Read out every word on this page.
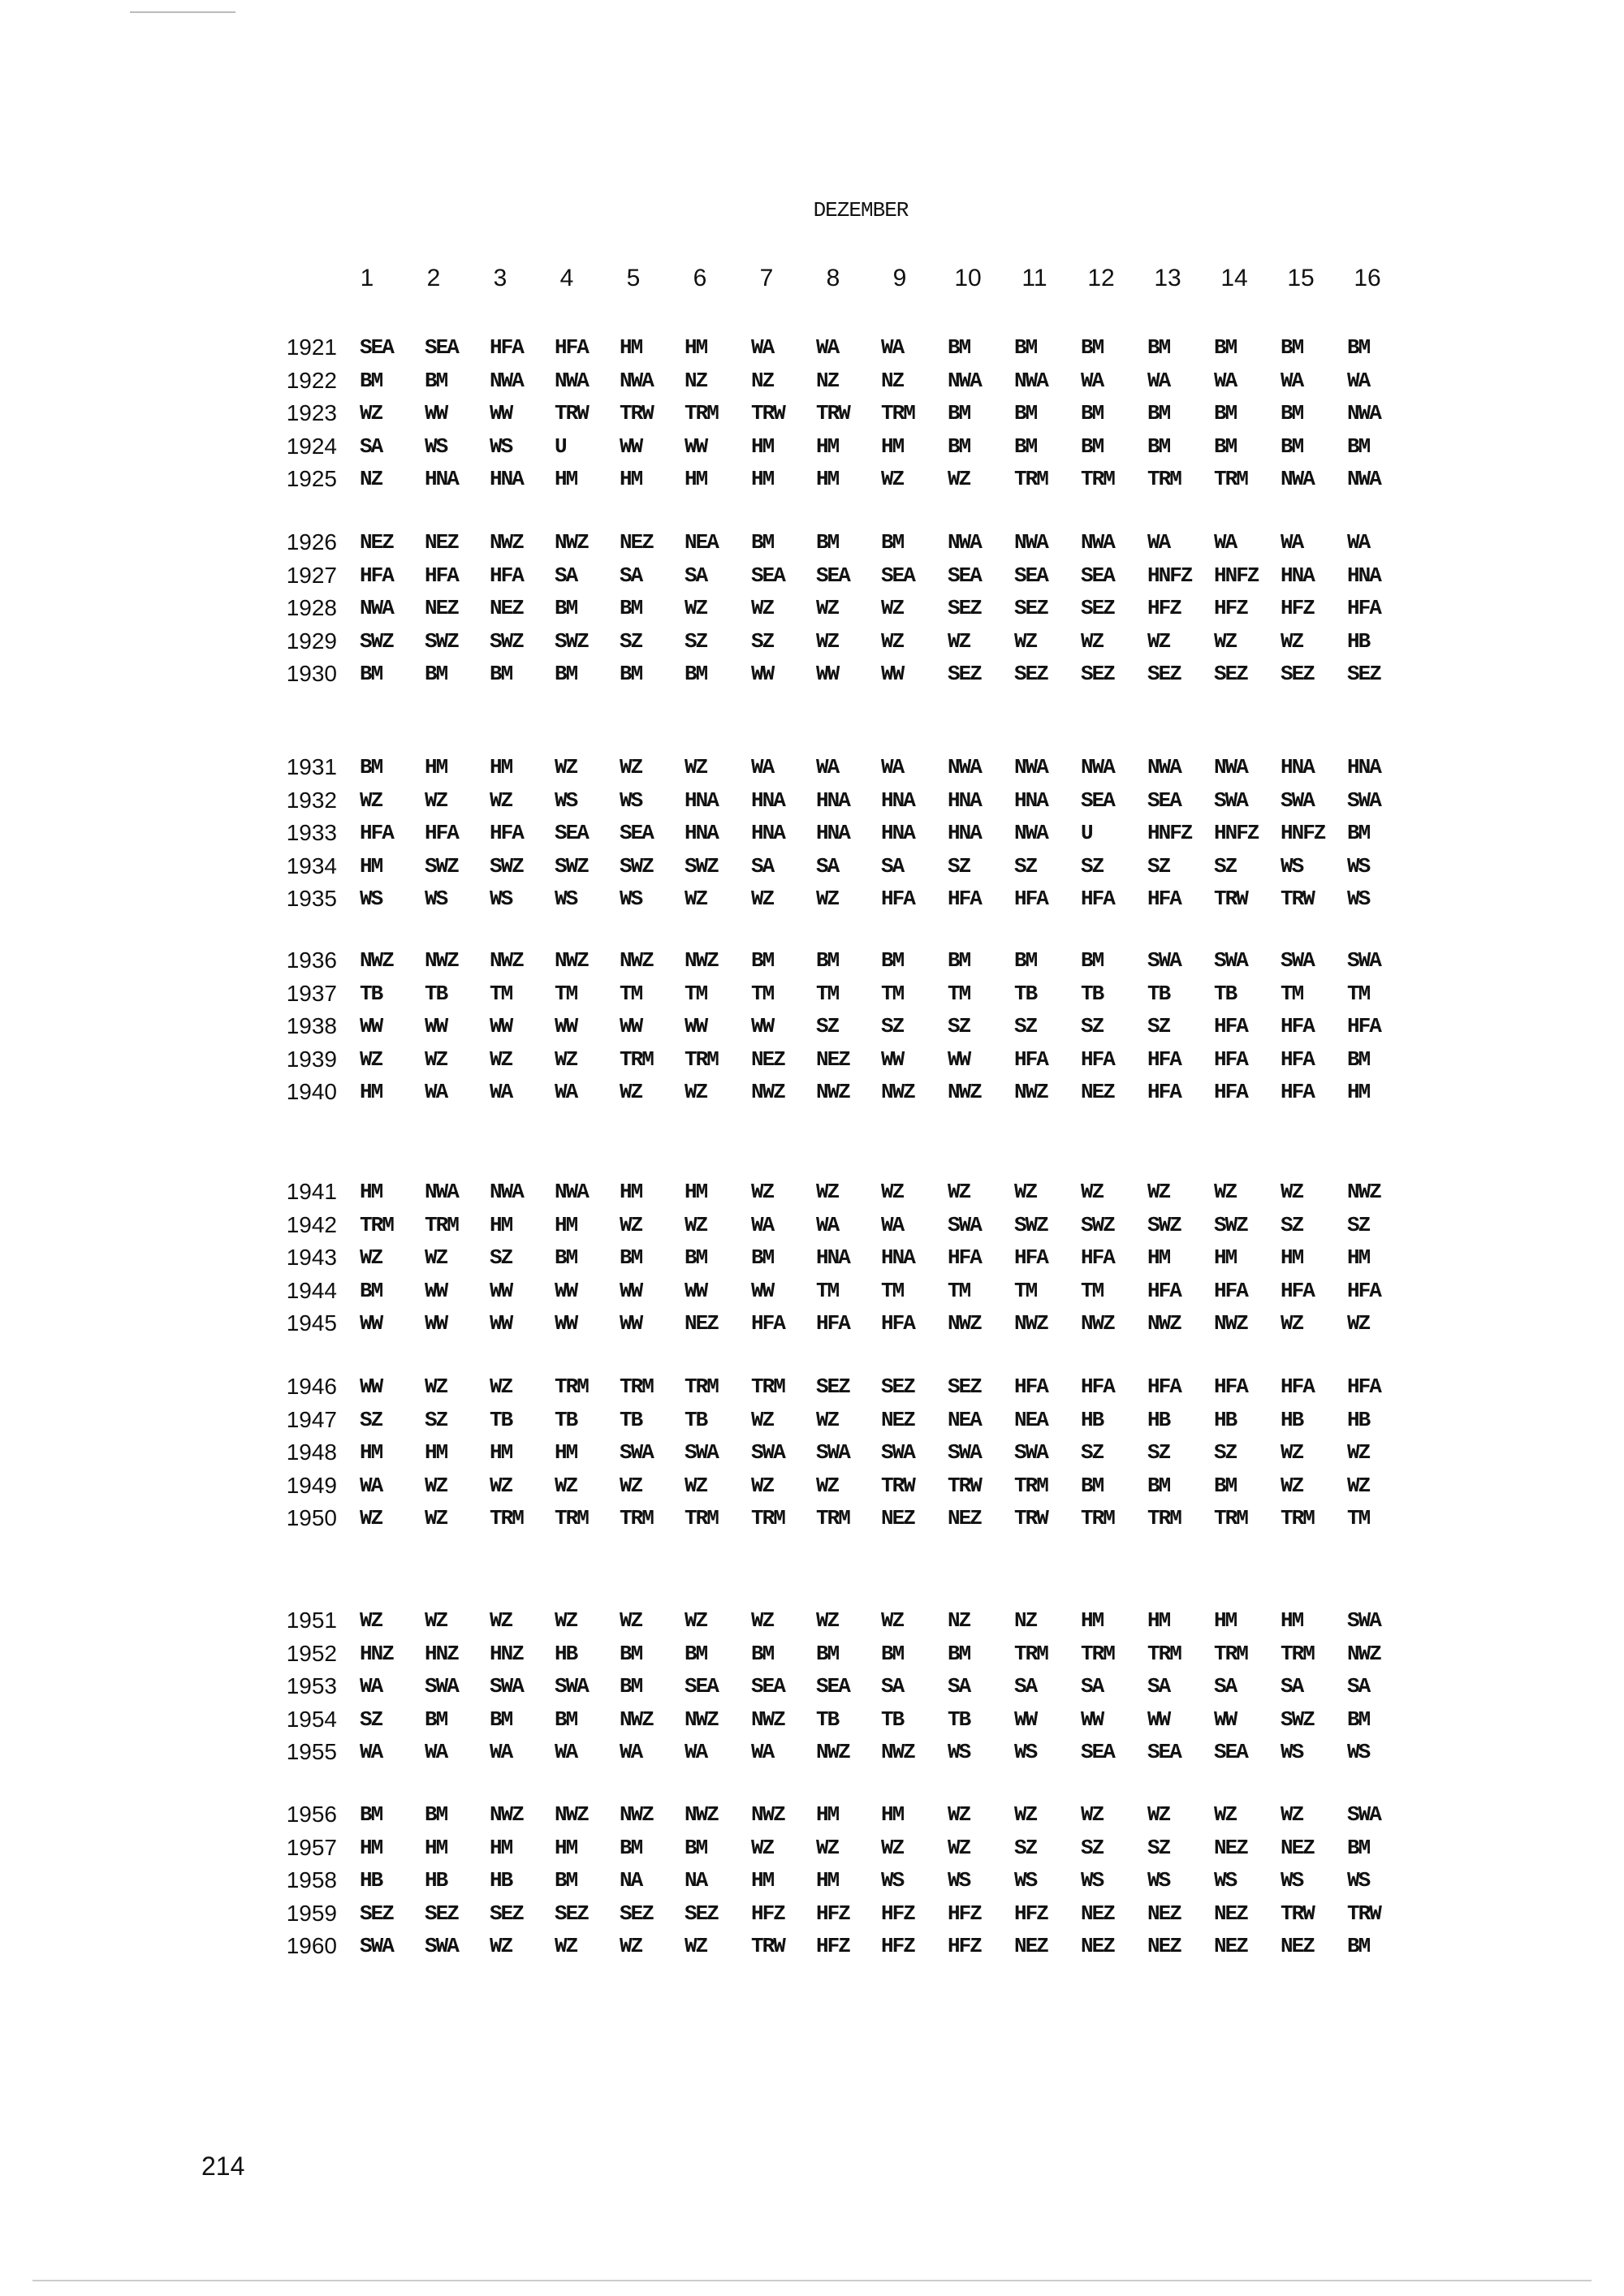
DEZEMBER
1	2	3	4	5	6	7	8	9	10	11	12	13	14	15	16
1921 SEA	SEA	HFA	HFA	HM	HM	WA	WA	WA	BM	BM	BM	BM	BM	BM	BM
1922 BM	BM	NWA	NWA	NWA	NZ	NZ	NZ	NZ	NWA	NWA	WA	WA	WA	WA	WA
1923 WZ	WW	WW	TRW	TRW	TRM	TRW	TRW	TRM	BM	BM	BM	BM	BM	BM	NWA
1924 SA	WS	WS	U	WW	WW	HM	HM	HM	BM	BM	BM	BM	BM	BM	BM
1925 NZ	HNA	HNA	HM	HM	HM	HM	HM	WZ	WZ	TRM	TRM	TRM	TRM	NWA	NWA
1926 NEZ	NEZ	NWZ	NWZ	NEZ	NEA	BM	BM	BM	NWA	NWA	NWA	WA	WA	WA	WA
1927 HFA	HFA	HFA	SA	SA	SA	SEA	SEA	SEA	SEA	SEA	SEA	HNFZ	HNFZ	HNA	HNA
1928 NWA	NEZ	NEZ	BM	BM	WZ	WZ	WZ	WZ	SEZ	SEZ	SEZ	HFZ	HFZ	HFZ	HFA
1929 SWZ	SWZ	SWZ	SWZ	SZ	SZ	SZ	WZ	WZ	WZ	WZ	WZ	WZ	WZ	WZ	HB
1930 BM	BM	BM	BM	BM	BM	WW	WW	WW	SEZ	SEZ	SEZ	SEZ	SEZ	SEZ	SEZ
1931 BM	HM	HM	WZ	WZ	WZ	WA	WA	WA	NWA	NWA	NWA	NWA	NWA	HNA	HNA
1932 WZ	WZ	WZ	WS	WS	HNA	HNA	HNA	HNA	HNA	HNA	SEA	SEA	SWA	SWA	SWA
1933 HFA	HFA	HFA	SEA	SEA	HNA	HNA	HNA	HNA	HNA	NWA	U	HNFZ	HNFZ	HNFZ	BM
1934 HM	SWZ	SWZ	SWZ	SWZ	SWZ	SA	SA	SA	SZ	SZ	SZ	SZ	SZ	WS	WS
1935 WS	WS	WS	WS	WS	WZ	WZ	WZ	HFA	HFA	HFA	HFA	HFA	TRW	TRW	WS
1936 NWZ	NWZ	NWZ	NWZ	NWZ	NWZ	BM	BM	BM	BM	BM	BM	SWA	SWA	SWA	SWA
1937 TB	TB	TM	TM	TM	TM	TM	TM	TM	TM	TB	TB	TB	TB	TM	TM
1938 WW	WW	WW	WW	WW	WW	WW	SZ	SZ	SZ	SZ	SZ	SZ	HFA	HFA	HFA
1939 WZ	WZ	WZ	WZ	TRM	TRM	NEZ	NEZ	WW	WW	HFA	HFA	HFA	HFA	HFA	BM
1940 HM	WA	WA	WA	WZ	WZ	NWZ	NWZ	NWZ	NWZ	NWZ	NEZ	HFA	HFA	HFA	HM
1941 HM	NWA	NWA	NWA	HM	HM	WZ	WZ	WZ	WZ	WZ	WZ	WZ	WZ	WZ	NWZ
1942 TRM	TRM	HM	HM	WZ	WZ	WA	WA	WA	SWA	SWZ	SWZ	SWZ	SWZ	SZ	SZ
1943 WZ	WZ	SZ	BM	BM	BM	BM	HNA	HNA	HFA	HFA	HFA	HM	HM	HM	HM
1944 BM	WW	WW	WW	WW	WW	WW	TM	TM	TM	TM	TM	HFA	HFA	HFA	HFA
1945 WW	WW	WW	WW	WW	NEZ	HFA	HFA	HFA	NWZ	NWZ	NWZ	NWZ	NWZ	WZ	WZ
1946 WW	WZ	WZ	TRM	TRM	TRM	TRM	SEZ	SEZ	SEZ	HFA	HFA	HFA	HFA	HFA	HFA
1947 SZ	SZ	TB	TB	TB	TB	WZ	WZ	NEZ	NEA	NEA	HB	HB	HB	HB	HB
1948 HM	HM	HM	HM	SWA	SWA	SWA	SWA	SWA	SWA	SWA	SZ	SZ	SZ	WZ	WZ
1949 WA	WZ	WZ	WZ	WZ	WZ	WZ	WZ	TRW	TRW	TRM	BM	BM	BM	WZ	WZ
1950 WZ	WZ	TRM	TRM	TRM	TRM	TRM	TRM	NEZ	NEZ	TRW	TRM	TRM	TRM	TRM	TM
1951 WZ	WZ	WZ	WZ	WZ	WZ	WZ	WZ	WZ	NZ	NZ	HM	HM	HM	HM	SWA
1952 HNZ	HNZ	HNZ	HB	BM	BM	BM	BM	BM	BM	TRM	TRM	TRM	TRM	TRM	NWZ
1953 WA	SWA	SWA	SWA	BM	SEA	SEA	SEA	SA	SA	SA	SA	SA	SA	SA	SA
1954 SZ	BM	BM	BM	NWZ	NWZ	NWZ	TB	TB	TB	WW	WW	WW	WW	SWZ	BM
1955 WA	WA	WA	WA	WA	WA	WA	NWZ	NWZ	WS	WS	SEA	SEA	SEA	WS	WS
1956 BM	BM	NWZ	NWZ	NWZ	NWZ	NWZ	HM	HM	WZ	WZ	WZ	WZ	WZ	WZ	SWA
1957 HM	HM	HM	HM	BM	BM	WZ	WZ	WZ	WZ	SZ	SZ	SZ	NEZ	NEZ	BM
1958 HB	HB	HB	BM	NA	NA	HM	HM	WS	WS	WS	WS	WS	WS	WS	WS
1959 SEZ	SEZ	SEZ	SEZ	SEZ	SEZ	HFZ	HFZ	HFZ	HFZ	HFZ	NEZ	NEZ	NEZ	TRW	TRW
1960 SWA	SWA	WZ	WZ	WZ	WZ	TRW	HFZ	HFZ	HFZ	NEZ	NEZ	NEZ	NEZ	NEZ	BM
214
